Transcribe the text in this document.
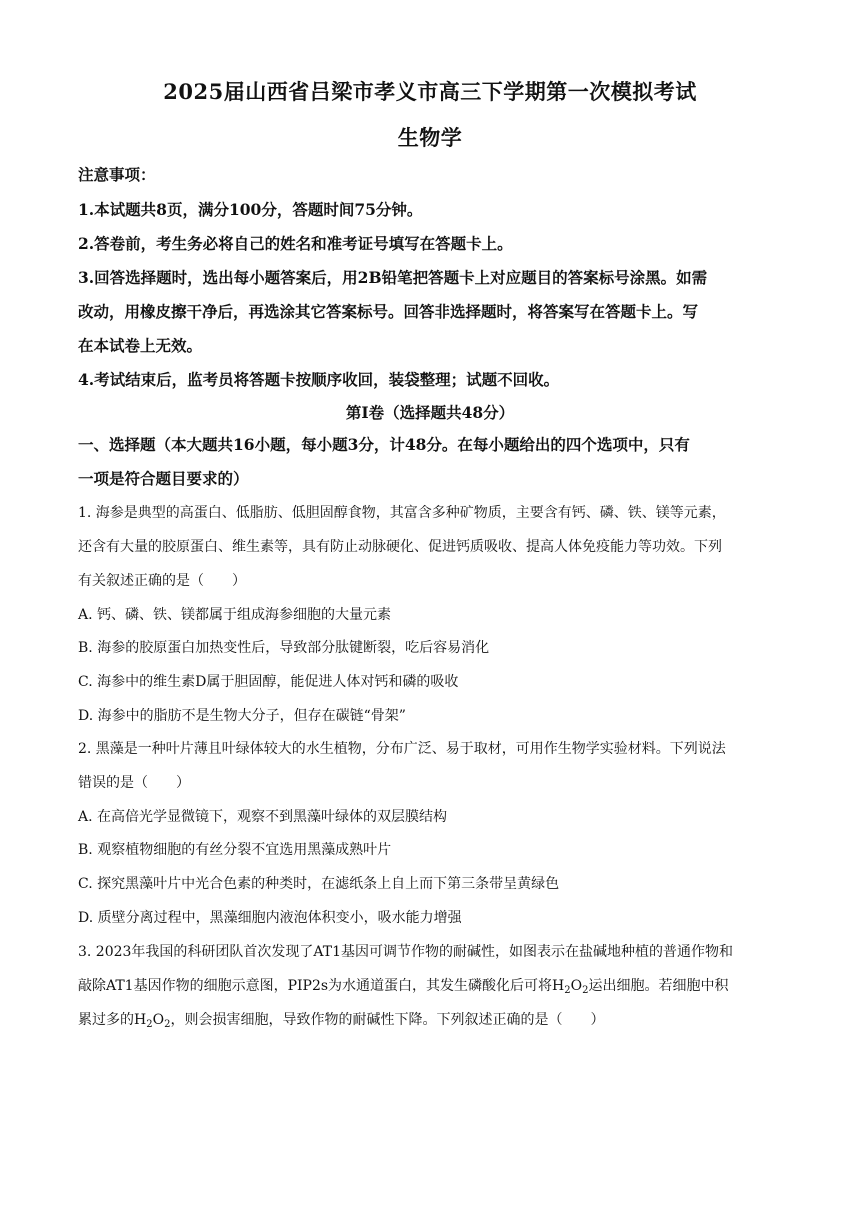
2025届山西省吕梁市孝义市高三下学期第一次模拟考试
生物学
注意事项：
1.本试题共8页，满分100分，答题时间75分钟。
2.答卷前，考生务必将自己的姓名和准考证号填写在答题卡上。
3.回答选择题时，选出每小题答案后，用2B铅笔把答题卡上对应题目的答案标号涂黑。如需
改动，用橡皮擦干净后，再选涂其它答案标号。回答非选择题时，将答案写在答题卡上。写
在本试卷上无效。
4.考试结束后，监考员将答题卡按顺序收回，装袋整理；试题不回收。
第Ⅰ卷（选择题共48分）
一、选择题（本大题共16小题，每小题3分，计48分。在每小题给出的四个选项中，只有
一项是符合题目要求的）
1. 海参是典型的高蛋白、低脂肪、低胆固醇食物，其富含多种矿物质，主要含有钙、磷、铁、镁等元素，
还含有大量的胶原蛋白、维生素等，具有防止动脉硬化、促进钙质吸收、提高人体免疫能力等功效。下列
有关叙述正确的是（　　）
A. 钙、磷、铁、镁都属于组成海参细胞的大量元素
B. 海参的胶原蛋白加热变性后，导致部分肽键断裂，吃后容易消化
C. 海参中的维生素D属于胆固醇，能促进人体对钙和磷的吸收
D. 海参中的脂肪不是生物大分子，但存在碳链“骨架”
2. 黑藻是一种叶片薄且叶绿体较大的水生植物，分布广泛、易于取材，可用作生物学实验材料。下列说法
错误的是（　　）
A. 在高倍光学显微镜下，观察不到黑藻叶绿体的双层膜结构
B. 观察植物细胞的有丝分裂不宜选用黑藻成熟叶片
C. 探究黑藻叶片中光合色素的种类时，在滤纸条上自上而下第三条带呈黄绿色
D. 质壁分离过程中，黑藻细胞内液泡体积变小，吸水能力增强
3. 2023年我国的科研团队首次发现了AT1基因可调节作物的耐碱性，如图表示在盐碱地种植的普通作物和
敲除AT1基因作物的细胞示意图，PIP2s为水通道蛋白，其发生磷酸化后可将$H_2O_2$运出细胞。若细胞中积
累过多的$H_2O_2$，则会损害细胞，导致作物的耐碱性下降。下列叙述正确的是（　　）
